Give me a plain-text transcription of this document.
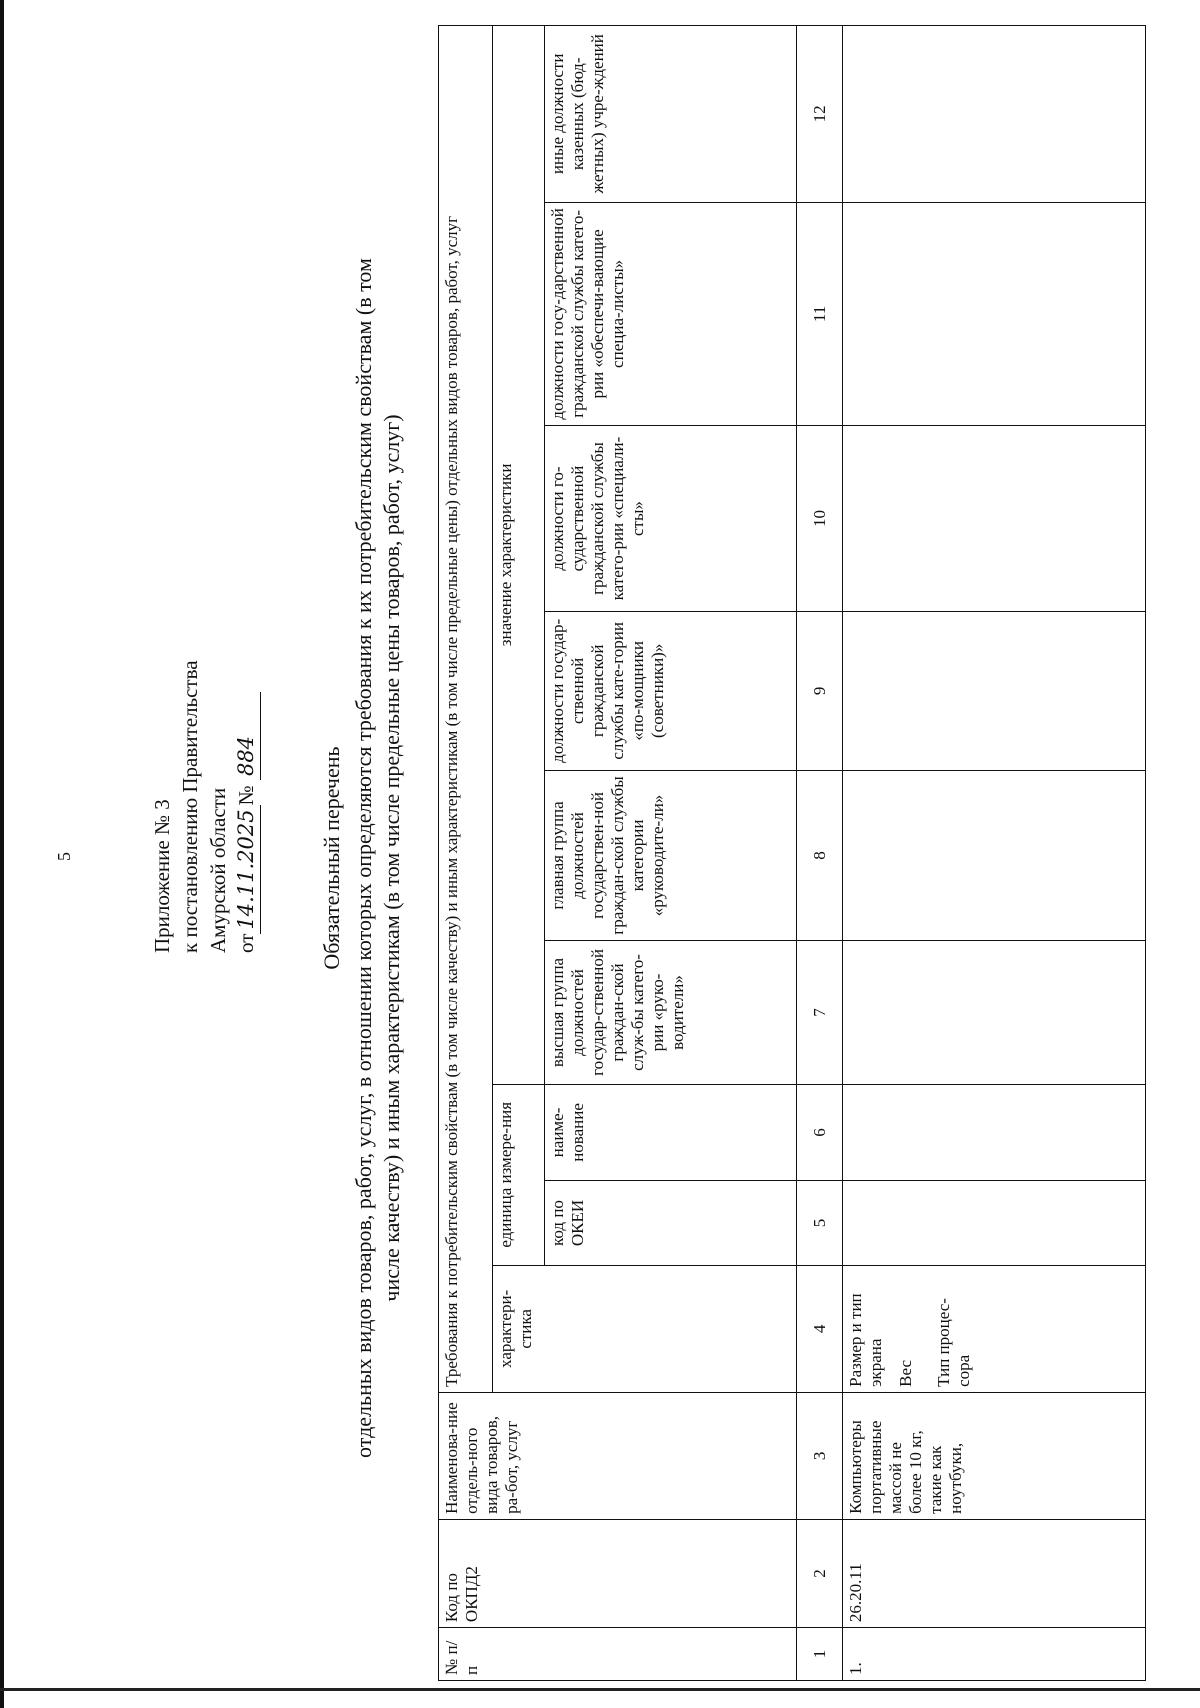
5	Приложение № 3 к постановлению Правительства Амурской области от14.11.2025№ 884	Обязательный перечень отдельных видов товаров, работ, услуг, в отношении которых определяются требования к их потребительским свойствам (в том числе качеству) и иным характеристикам (в том числе предельные цены товаров, работ, услуг)
№ п/п	Код по ОКПД2	Наименова-ние отдель-ного вида товаров, ра-бот, услуг	Требования к потребительским свойствам (в том числе качеству) и иным характеристикам (в том числе предельные цены) отдельных видов товаров, работ, услуг								
			характери-стика	единица измере-ния		значение характеристики					
				код по ОКЕИ	наиме-нование	высшая группа должностей государ-ственной граждан-ской служ-бы катего-рии «руко-водители»	главная группа должностей государствен-ной граждан-ской службы категории «руководите-ли»	должности государ-ственной гражданской службы кате-гории «по-мощники (советники)»	должности го-сударственной гражданской службы катего-рии «специали-сты»	должности госу-дарственной гражданской службы катего-рии «обеспечи-вающие специа-листы»	иные должности казенных (бюд-жетных) учре-ждений
1	2	3	4	5	6	7	8	9	10	11	12
1.	26.20.11	Компьютеры портативные массой не более 10 кг, такие как ноутбуки,	Размер и тип экрана Вес Тип процес-сора								
